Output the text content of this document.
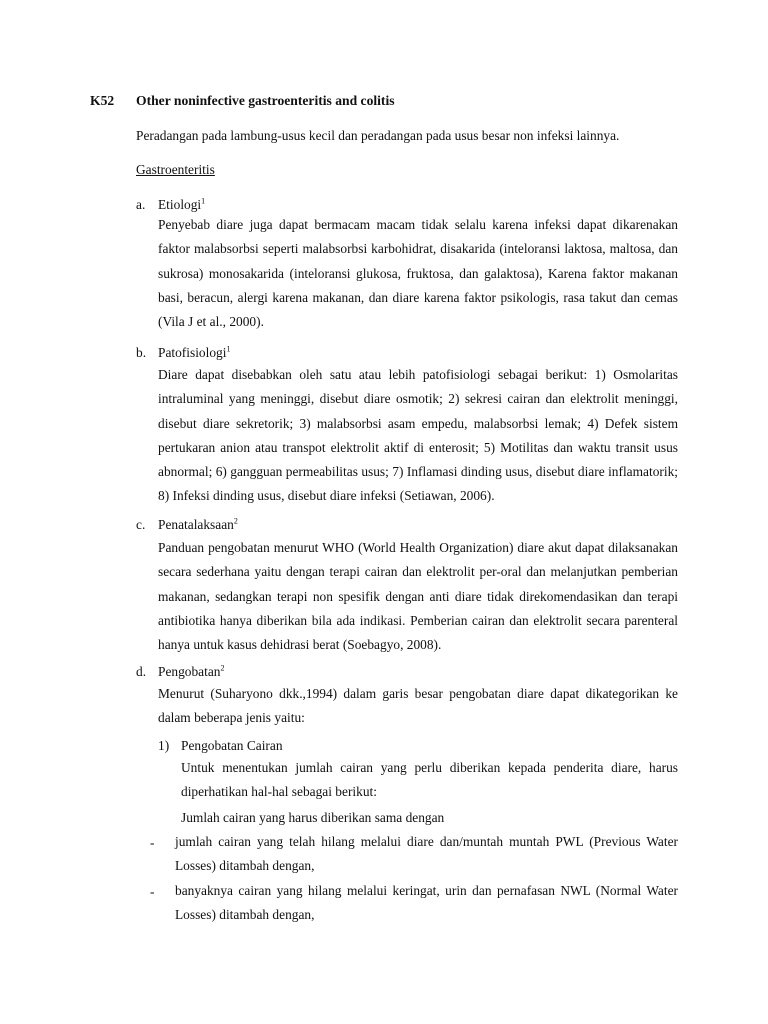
K52 Other noninfective gastroenteritis and colitis
Peradangan pada lambung-usus kecil dan peradangan pada usus besar non infeksi lainnya.
Gastroenteritis
a. Etiologi$^1$

Penyebab diare juga dapat bermacam macam tidak selalu karena infeksi dapat dikarenakan faktor malabsorbsi seperti malabsorbsi karbohidrat, disakarida (inteloransi laktosa, maltosa, dan sukrosa) monosakarida (inteloransi glukosa, fruktosa, dan galaktosa), Karena faktor makanan basi, beracun, alergi karena makanan, dan diare karena faktor psikologis, rasa takut dan cemas (Vila J et al., 2000).

b. Patofisiologi$^1$

Diare dapat disebabkan oleh satu atau lebih patofisiologi sebagai berikut: 1) Osmolaritas intraluminal yang meninggi, disebut diare osmotik; 2) sekresi cairan dan elektrolit meninggi, disebut diare sekretorik; 3) malabsorbsi asam empedu, malabsorbsi lemak; 4) Defek sistem pertukaran anion atau transpot elektrolit aktif di enterosit; 5) Motilitas dan waktu transit usus abnormal; 6) gangguan permeabilitas usus; 7) Inflamasi dinding usus, disebut diare inflamatorik; 8) Infeksi dinding usus, disebut diare infeksi (Setiawan, 2006).

c. Penatalaksaan$^2$

Panduan pengobatan menurut WHO (World Health Organization) diare akut dapat dilaksanakan secara sederhana yaitu dengan terapi cairan dan elektrolit per-oral dan melanjutkan pemberian makanan, sedangkan terapi non spesifik dengan anti diare tidak direkomendasikan dan terapi antibiotika hanya diberikan bila ada indikasi. Pemberian cairan dan elektrolit secara parenteral hanya untuk kasus dehidrasi berat (Soebagyo, 2008).

d. Pengobatan$^2$

Menurut (Suharyono dkk.,1994) dalam garis besar pengobatan diare dapat dikategorikan ke dalam beberapa jenis yaitu:

1) Pengobatan Cairan

Untuk menentukan jumlah cairan yang perlu diberikan kepada penderita diare, harus diperhatikan hal-hal sebagai berikut:

Jumlah cairan yang harus diberikan sama dengan
- jumlah cairan yang telah hilang melalui diare dan/muntah muntah PWL (Previous Water Losses) ditambah dengan,

- banyaknya cairan yang hilang melalui keringat, urin dan pernafasan NWL (Normal Water Losses) ditambah dengan,
